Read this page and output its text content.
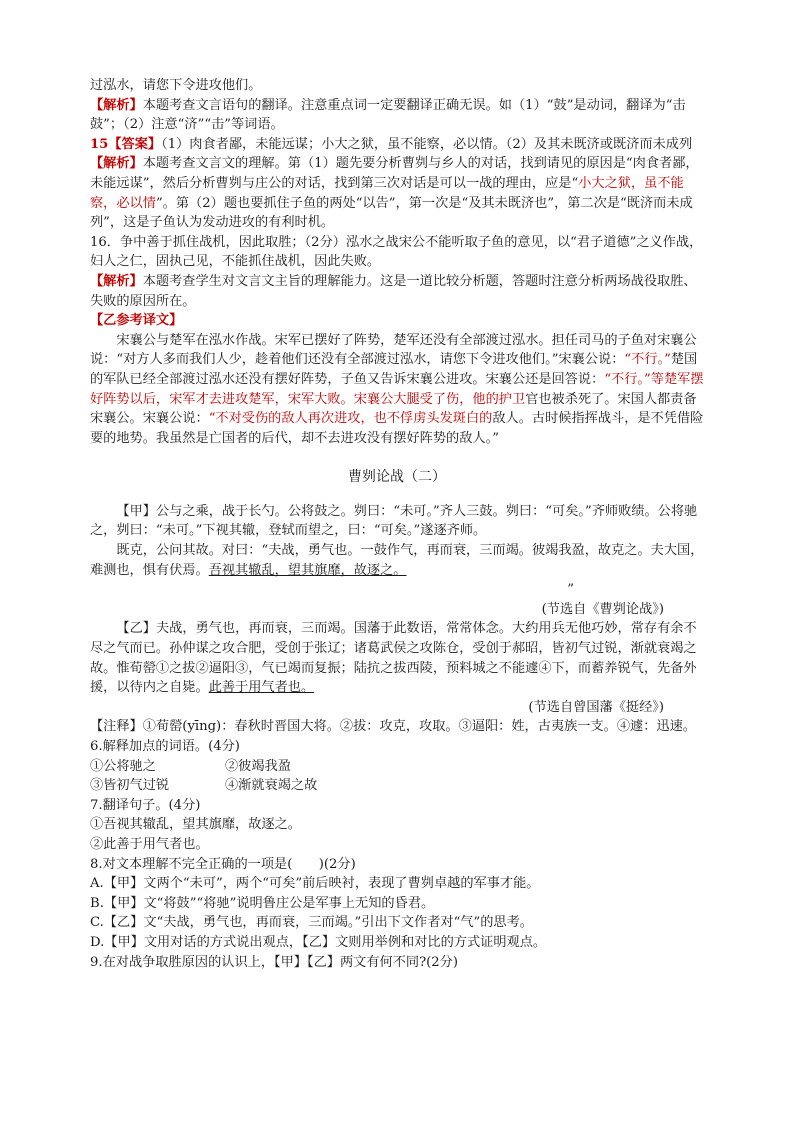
过泓水，请您下令进攻他们。

【解析】本题考查文言语句的翻译。注意重点词一定要翻译正确无误。如（1）“鼓”是动词，翻译为“击鼓”；（2）注意“济”“击”等词语。

15【答案】（1）肉食者鄙，未能远谋；小大之狱，虽不能察，必以情。（2）及其未既济或既济而未成列

【解析】本题考查文言文的理解。第（1）题先要分析曹刿与乡人的对话，找到请见的原因是“肉食者鄙，未能远谋”，然后分析曹刿与庄公的对话，找到第三次对话是可以一战的理由，应是“小大之狱，虽不能察，必以情”。第（2）题也要抓住子鱼的两处“以告”，第一次是“及其未既济也”，第二次是“既济而未成列”，这是子鱼认为发动进攻的有利时机。

16．争中善于抓住战机，因此取胜；（2分）泓水之战宋公不能听取子鱼的意见，以“君子道德”之义作战，妇人之仁，固执己见，不能抓住战机，因此失败。

【解析】本题考查学生对文言文主旨的理解能力。这是一道比较分析题，答题时注意分析两场战役取胜、失败的原因所在。

【乙参考译文】

宋襄公与楚军在泓水作战。宋军已摆好了阵势，楚军还没有全部渡过泓水。担任司马的子鱼对宋襄公说：“对方人多而我们人少，趁着他们还没有全部渡过泓水，请您下令进攻他们。”宋襄公说：“不行。”楚国的军队已经全部渡过泓水还没有摆好阵势，子鱼又告诉宋襄公进攻。宋襄公还是回答说：“不行。”等楚军摆好阵势以后，宋军才去进攻楚军，宋军大败。宋襄公大腿受了伤，他的护卫官也被杀死了。宋国人都责备宋襄公。宋襄公说：“不对受伤的敌人再次进攻，也不俘虏头发斑白的敌人。古时候指挥战斗，是不凭借险要的地势。我虽然是亡国者的后代，却不去进攻没有摆好阵势的敌人。”

曹刿论战（二）

【甲】公与之乘，战于长勺。公将鼓之。刿曰：“未可。”齐人三鼓。刿曰：“可矣。”齐师败绩。公将驰之，刿曰：“未可。”下视其辙，登轼而望之，曰：“可矣。”遂逐齐师。

既克，公问其故。对曰：“夫战，勇气也。一鼓作气，再而衰，三而竭。彼竭我盈，故克之。夫大国，难测也，惧有伏焉。吾视其辙乱，望其旗靡，故逐之。

”

(节选自《曹刿论战》)

【乙】夫战，勇气也，再而衰，三而竭。国藩于此数语，常常体念。大约用兵无他巧妙，常存有余不尽之气而已。孙仲谋之攻合肥，受创于张辽；诸葛武侯之攻陈仓，受创于郝昭，皆初气过锐，渐就衰竭之故。惟荀罃①之拔②逼阳③，气已竭而复振；陆抗之拔西陵，预料城之不能遽④下，而蓄养锐气，先备外援，以待内之自毙。此善于用气者也。

(节选自曾国藩《挺经》)

【注释】①荀罃(yīng)：春秋时晋国大将。②拔：攻克，攻取。③逼阳：姓，古夷族一支。④遽：迅速。

6.解释加点的词语。(4分)

①公将驰之	②彼竭我盈

③皆初气过锐	④渐就衰竭之故

7.翻译句子。(4分)

①吾视其辙乱，望其旗靡，故逐之。

②此善于用气者也。

8.对文本理解不完全正确的一项是(　　)(2分)

A.【甲】文两个“未可”，两个“可矣”前后映衬，表现了曹刿卓越的军事才能。

B.【甲】文“将鼓”“将驰”说明鲁庄公是军事上无知的昏君。

C.【乙】文“夫战，勇气也，再而衰，三而竭。”引出下文作者对“气”的思考。

D.【甲】文用对话的方式说出观点，【乙】文则用举例和对比的方式证明观点。

9.在对战争取胜原因的认识上，【甲】【乙】两文有何不同?(2分)
